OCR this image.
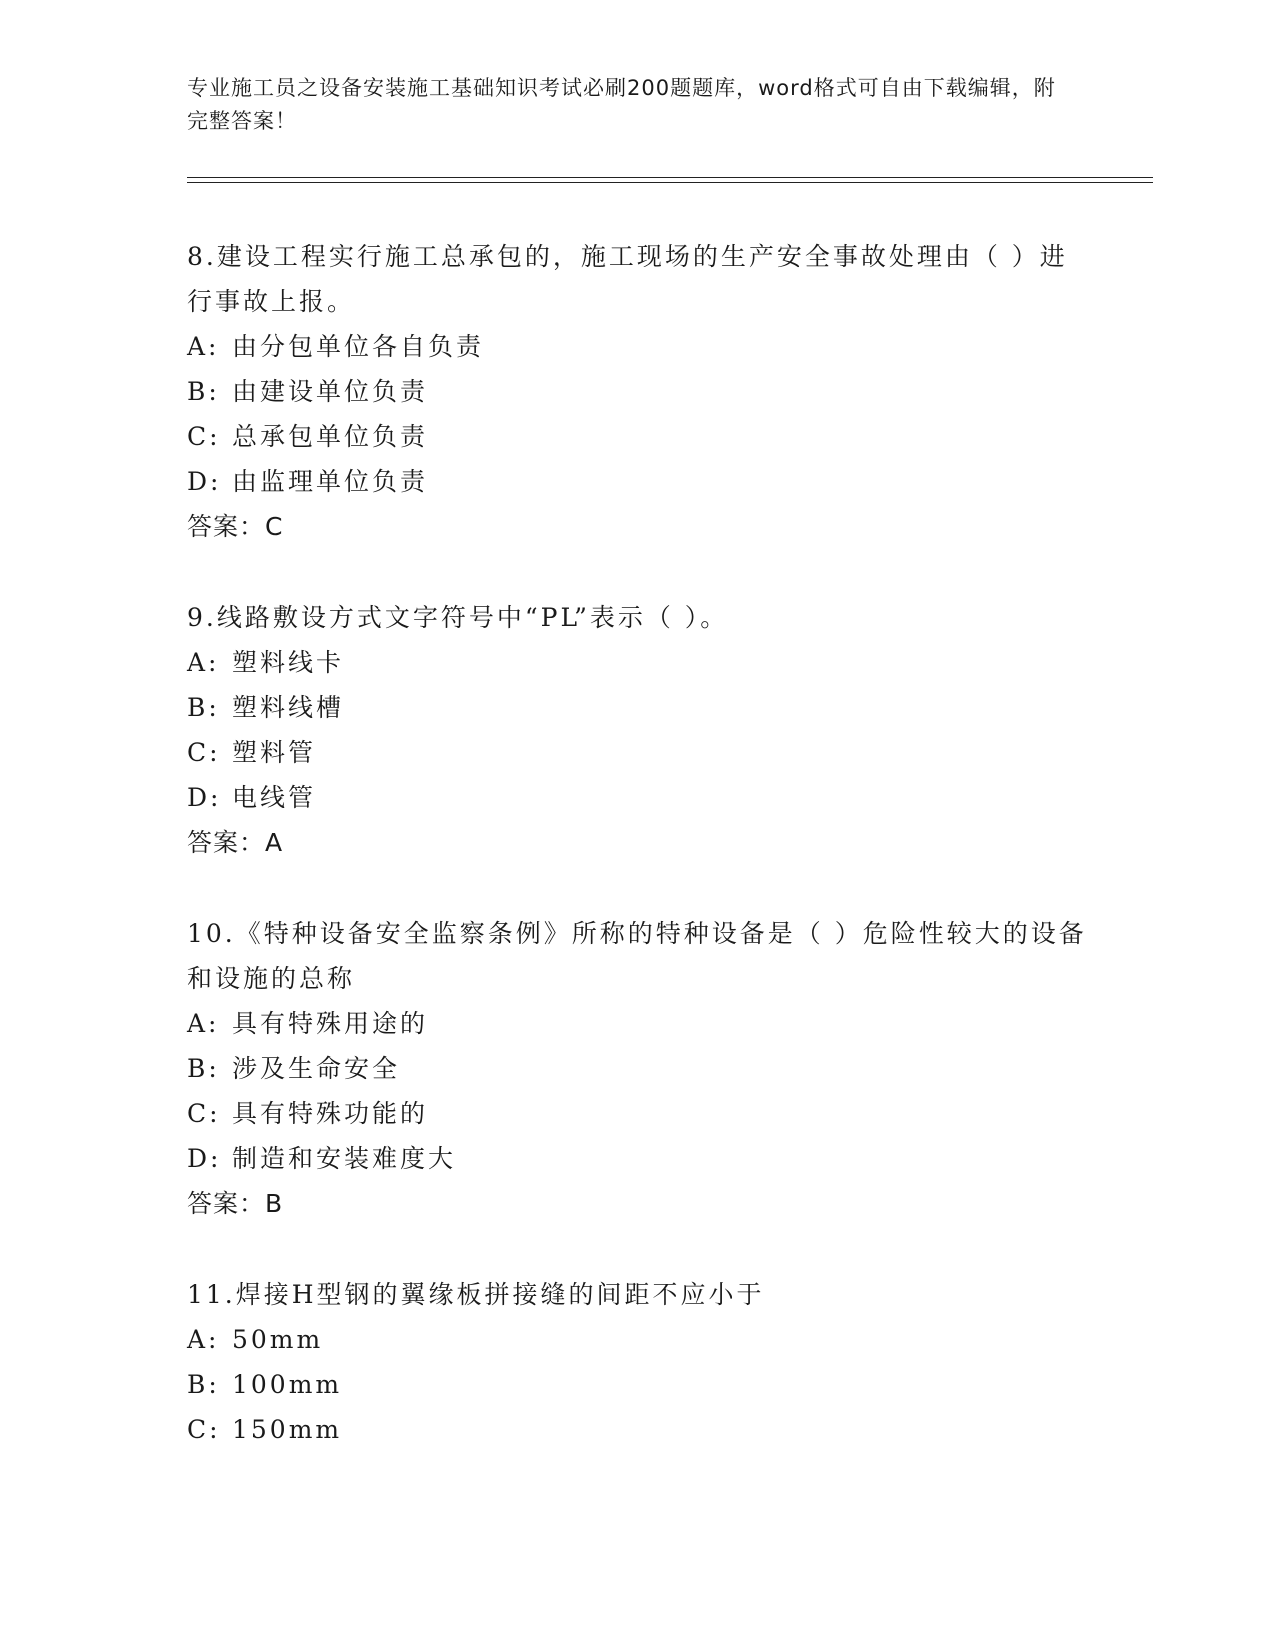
专业施工员之设备安装施工基础知识考试必刷200题题库，word格式可自由下载编辑，附完整答案！

8.建设工程实行施工总承包的，施工现场的生产安全事故处理由（ ）进行事故上报。

A: 由分包单位各自负责

B: 由建设单位负责

C: 总承包单位负责

D: 由监理单位负责

答案：C

9.线路敷设方式文字符号中“PL”表示（ ）。

A: 塑料线卡

B: 塑料线槽

C: 塑料管

D: 电线管

答案：A

10.《特种设备安全监察条例》所称的特种设备是（ ）危险性较大的设备和设施的总称

A: 具有特殊用途的

B: 涉及生命安全

C: 具有特殊功能的

D: 制造和安装难度大

答案：B

11.焊接H型钢的翼缘板拼接缝的间距不应小于

A: 50mm

B: 100mm

C: 150mm
